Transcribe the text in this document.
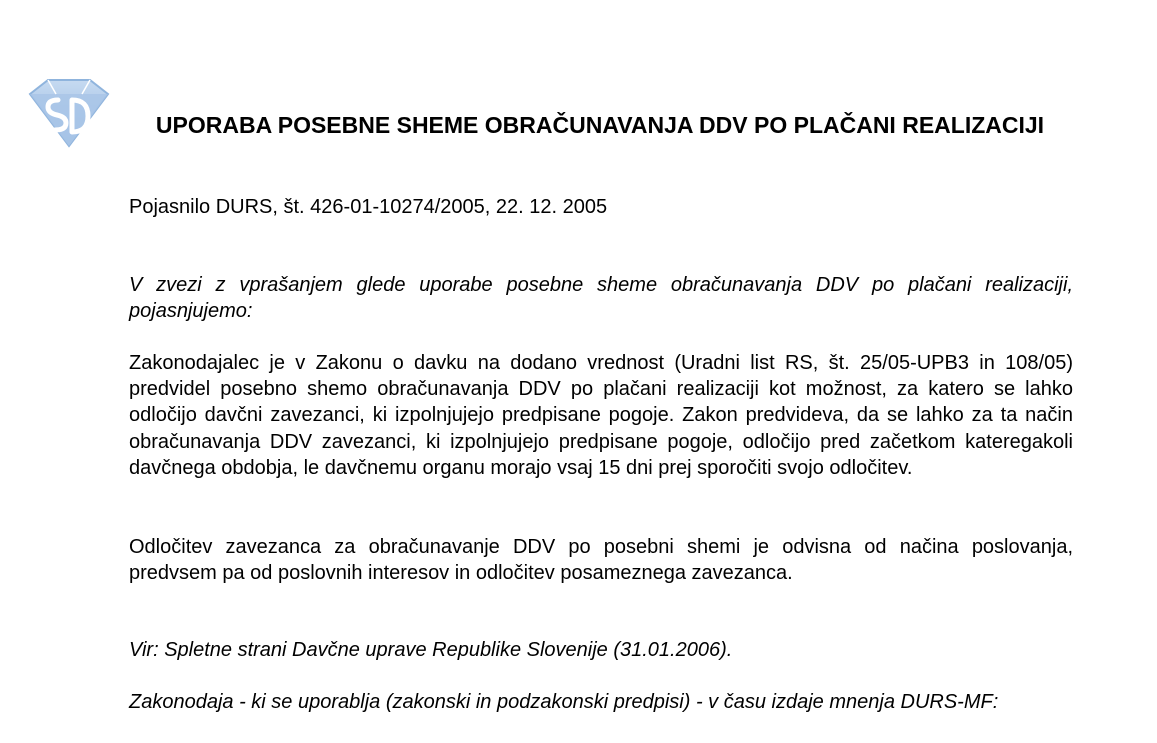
UPORABA POSEBNE SHEME OBRAČUNAVANJA DDV PO PLAČANI REALIZACIJI

Pojasnilo DURS, št. 426-01-10274/2005, 22. 12. 2005

V zvezi z vprašanjem glede uporabe posebne sheme obračunavanja DDV po plačani realizaciji, pojasnjujemo:

Zakonodajalec je v Zakonu o davku na dodano vrednost (Uradni list RS, št. 25/05-UPB3 in 108/05) predvidel posebno shemo obračunavanja DDV po plačani realizaciji kot možnost, za katero se lahko odločijo davčni zavezanci, ki izpolnjujejo predpisane pogoje. Zakon predvideva, da se lahko za ta način obračunavanja DDV zavezanci, ki izpolnjujejo predpisane pogoje, odločijo pred začetkom kateregakoli davčnega obdobja, le davčnemu organu morajo vsaj 15 dni prej sporočiti svojo odločitev.

Odločitev zavezanca za obračunavanje DDV po posebni shemi je odvisna od načina poslovanja, predvsem pa od poslovnih interesov in odločitev posameznega zavezanca.

Vir: Spletne strani Davčne uprave Republike Slovenije (31.01.2006).

Zakonodaja - ki se uporablja (zakonski in podzakonski predpisi) - v času izdaje mnenja DURS-MF:
